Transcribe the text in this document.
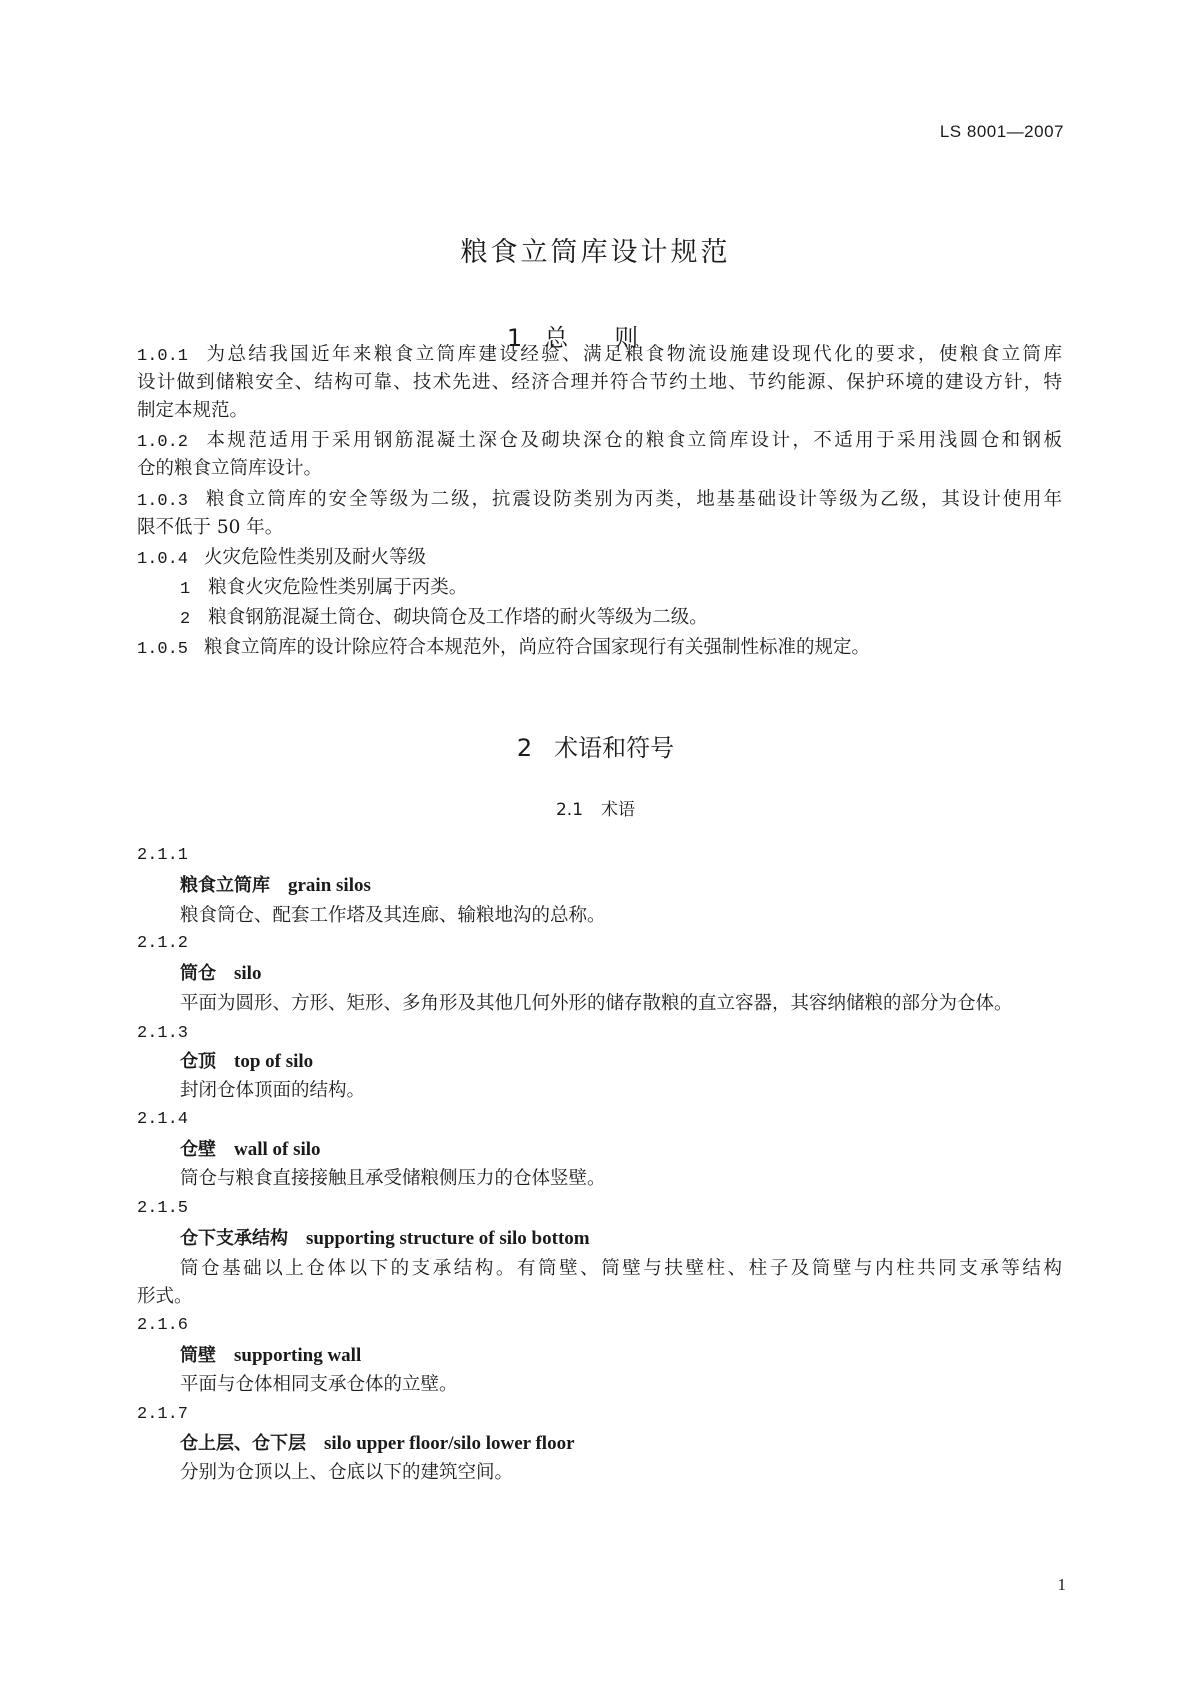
LS 8001—2007
粮食立筒库设计规范
1 总则
1.0.1 为总结我国近年来粮食立筒库建设经验、满足粮食物流设施建设现代化的要求，使粮食立筒库
设计做到储粮安全、结构可靠、技术先进、经济合理并符合节约土地、节约能源、保护环境的建设方针，特
制定本规范。
1.0.2 本规范适用于采用钢筋混凝土深仓及砌块深仓的粮食立筒库设计，不适用于采用浅圆仓和钢板
仓的粮食立筒库设计。
1.0.3 粮食立筒库的安全等级为二级，抗震设防类别为丙类，地基基础设计等级为乙级，其设计使用年
限不低于 50 年。
1.0.4 火灾危险性类别及耐火等级
1 粮食火灾危险性类别属于丙类。
2 粮食钢筋混凝土筒仓、砌块筒仓及工作塔的耐火等级为二级。
1.0.5 粮食立筒库的设计除应符合本规范外，尚应符合国家现行有关强制性标准的规定。
2 术语和符号
2.1 术语
2.1.1
粮食立筒库 grain silos
粮食筒仓、配套工作塔及其连廊、输粮地沟的总称。
2.1.2
筒仓 silo
平面为圆形、方形、矩形、多角形及其他几何外形的储存散粮的直立容器，其容纳储粮的部分为仓体。
2.1.3
仓顶 top of silo
封闭仓体顶面的结构。
2.1.4
仓壁 wall of silo
筒仓与粮食直接接触且承受储粮侧压力的仓体竖壁。
2.1.5
仓下支承结构 supporting structure of silo bottom
筒仓基础以上仓体以下的支承结构。有筒壁、筒壁与扶壁柱、柱子及筒壁与内柱共同支承等结构
形式。
2.1.6
筒壁 supporting wall
平面与仓体相同支承仓体的立壁。
2.1.7
仓上层、仓下层 silo upper floor/silo lower floor
分别为仓顶以上、仓底以下的建筑空间。
1
